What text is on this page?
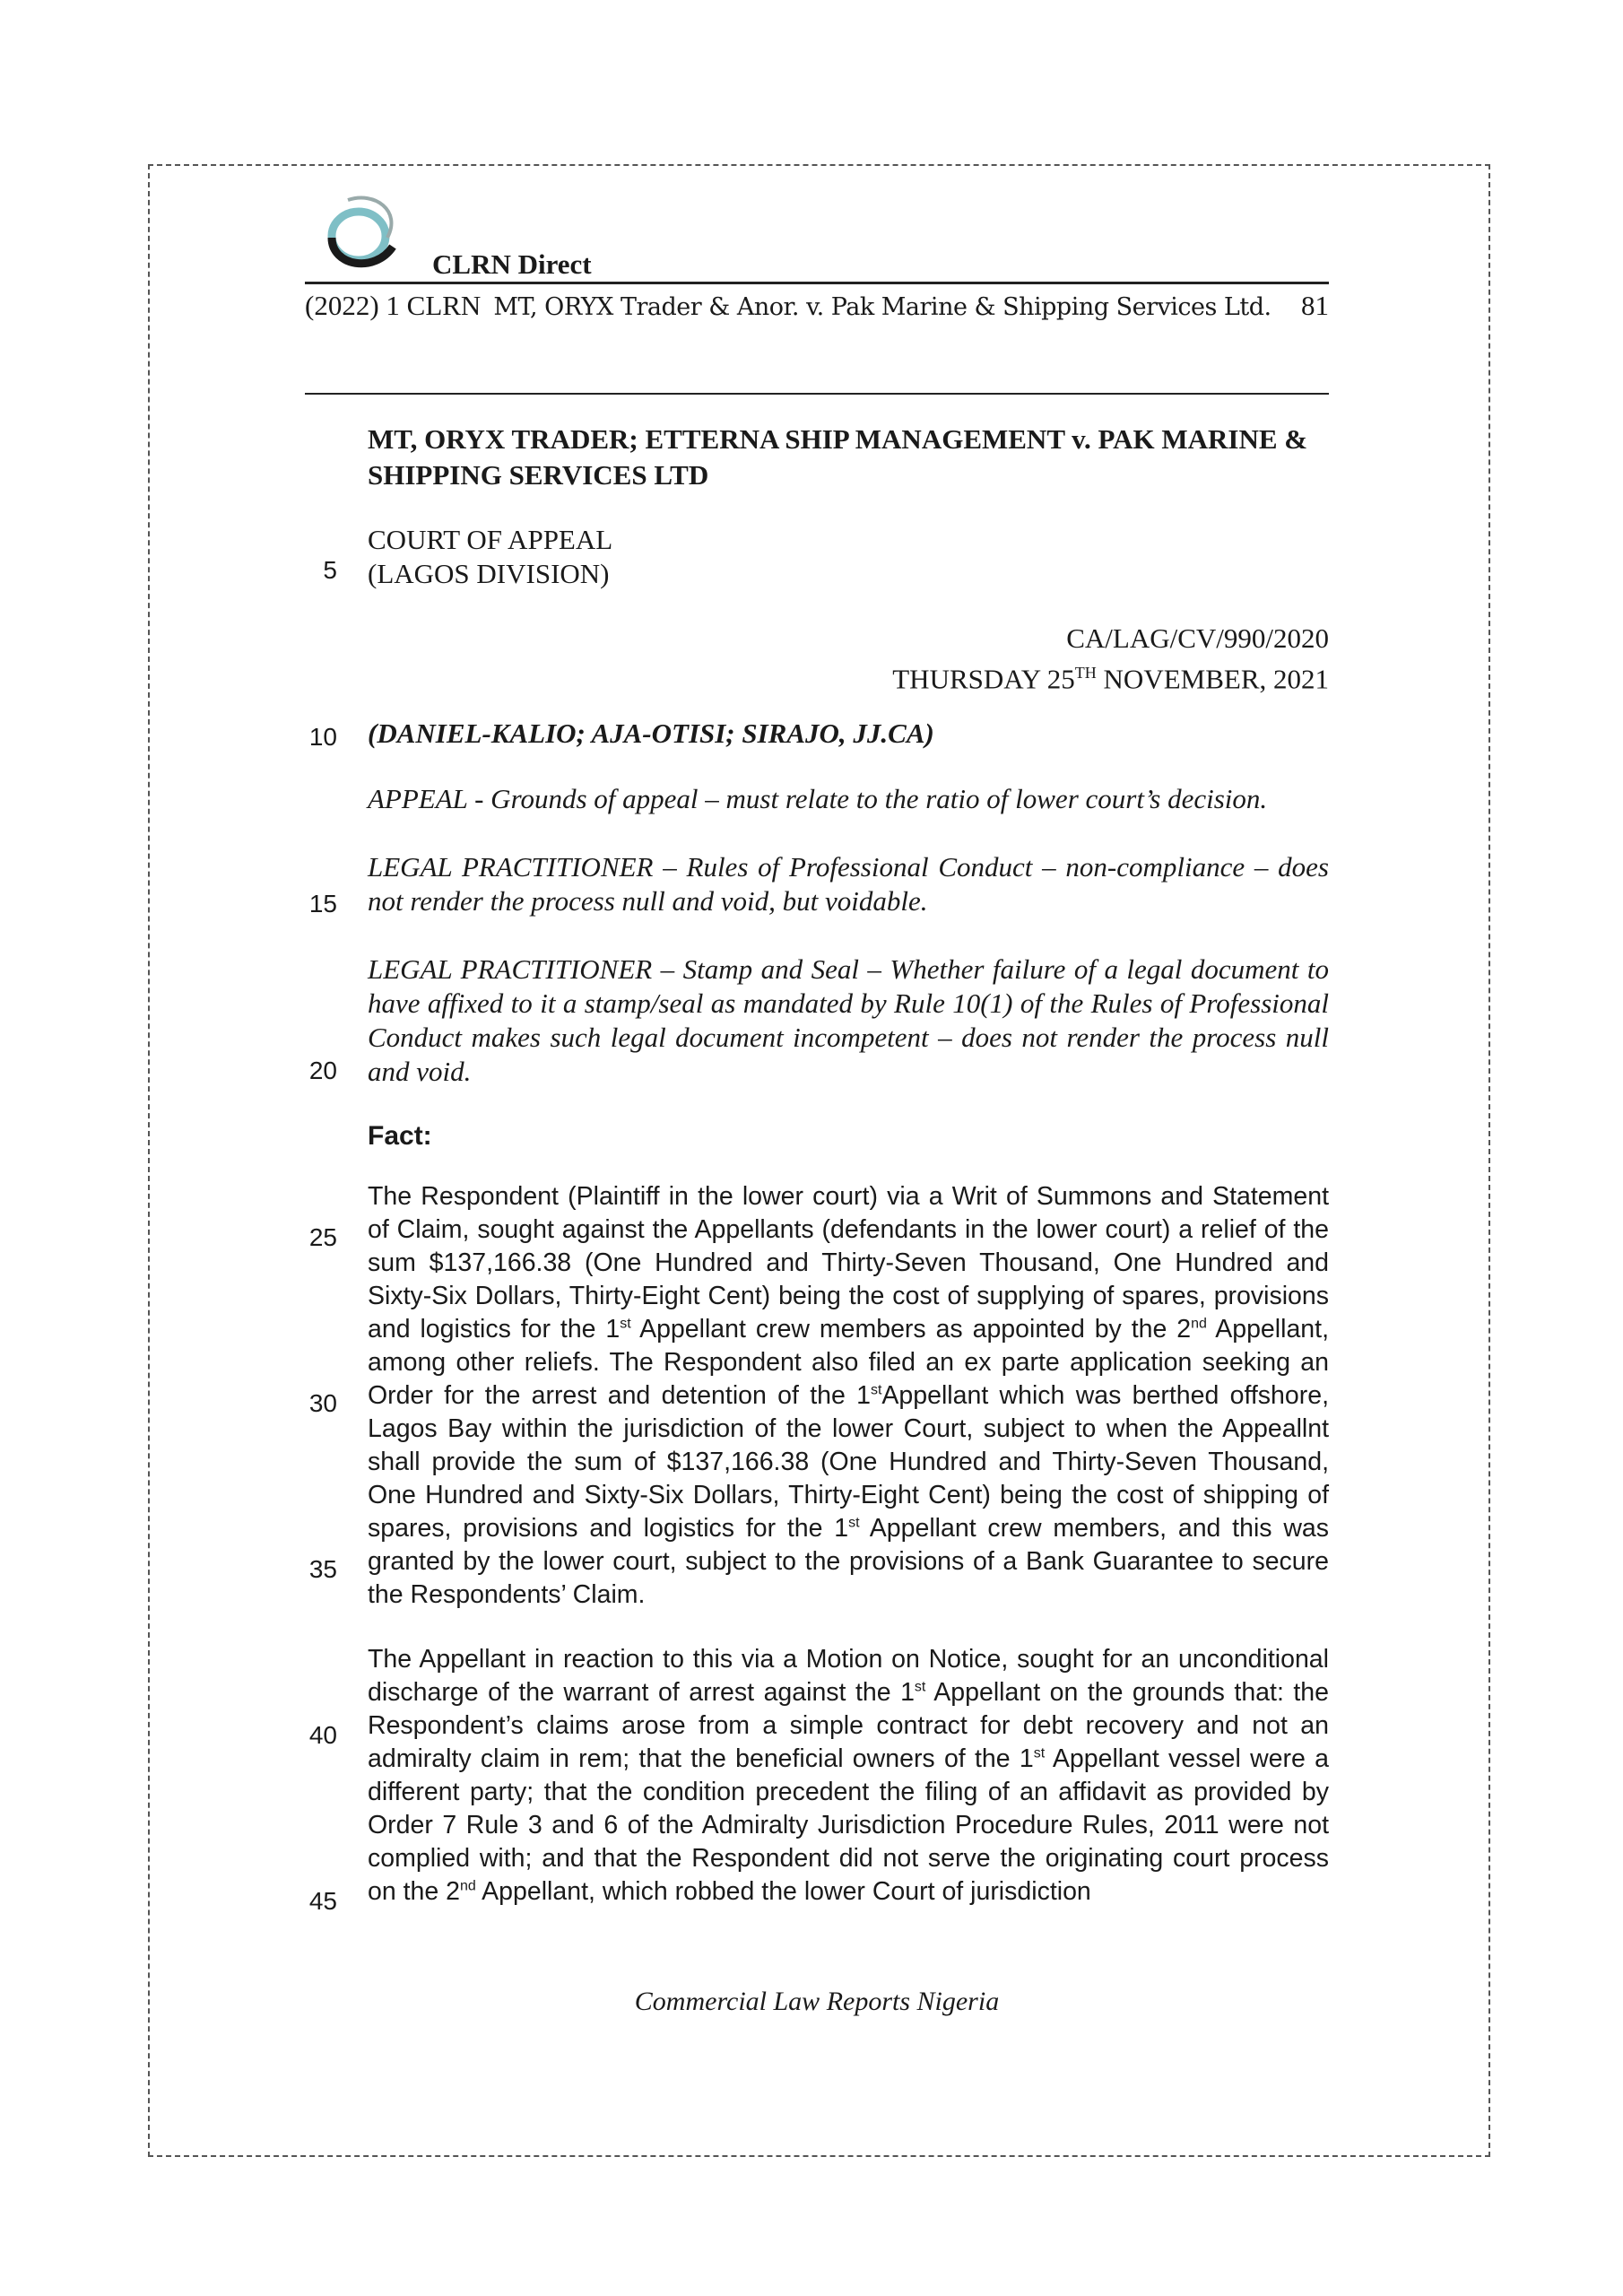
CLRN Direct
(2022) 1 CLRN MT, ORYX Trader & Anor. v. Pak Marine & Shipping Services Ltd. 81
5
10
15
20
25
30
35
40
45
MT, ORYX TRADER; ETTERNA SHIP MANAGEMENT v. PAK MARINE & SHIPPING SERVICES LTD
COURT OF APPEAL
(LAGOS DIVISION)
CA/LAG/CV/990/2020
THURSDAY 25TH NOVEMBER, 2021
(DANIEL-KALIO; AJA-OTISI; SIRAJO, JJ.CA)
APPEAL - Grounds of appeal – must relate to the ratio of lower court’s decision.
LEGAL PRACTITIONER – Rules of Professional Conduct – non-compliance – does not render the process null and void, but voidable.
LEGAL PRACTITIONER – Stamp and Seal – Whether failure of a legal document to have affixed to it a stamp/seal as mandated by Rule 10(1) of the Rules of Professional Conduct makes such legal document incompetent – does not render the process null and void.
Fact:
The Respondent (Plaintiff in the lower court) via a Writ of Summons and Statement of Claim, sought against the Appellants (defendants in the lower court) a relief of the sum $137,166.38 (One Hundred and Thirty-Seven Thousand, One Hundred and Sixty-Six Dollars, Thirty-Eight Cent) being the cost of supplying of spares, provisions and logistics for the 1st Appellant crew members as appointed by the 2nd Appellant, among other reliefs. The Respondent also filed an ex parte application seeking an Order for the arrest and detention of the 1stAppellant which was berthed offshore, Lagos Bay within the jurisdiction of the lower Court, subject to when the Appeallnt shall provide the sum of $137,166.38 (One Hundred and Thirty-Seven Thousand, One Hundred and Sixty-Six Dollars, Thirty-Eight Cent) being the cost of shipping of spares, provisions and logistics for the 1st Appellant crew members, and this was granted by the lower court, subject to the provisions of a Bank Guarantee to secure the Respondents’ Claim.
The Appellant in reaction to this via a Motion on Notice, sought for an unconditional discharge of the warrant of arrest against the 1st Appellant on the grounds that: the Respondent’s claims arose from a simple contract for debt recovery and not an admiralty claim in rem; that the beneficial owners of the 1st Appellant vessel were a different party; that the condition precedent the filing of an affidavit as provided by Order 7 Rule 3 and 6 of the Admiralty Jurisdiction Procedure Rules, 2011 were not complied with; and that the Respondent did not serve the originating court process on the 2nd Appellant, which robbed the lower Court of jurisdiction
Commercial Law Reports Nigeria
